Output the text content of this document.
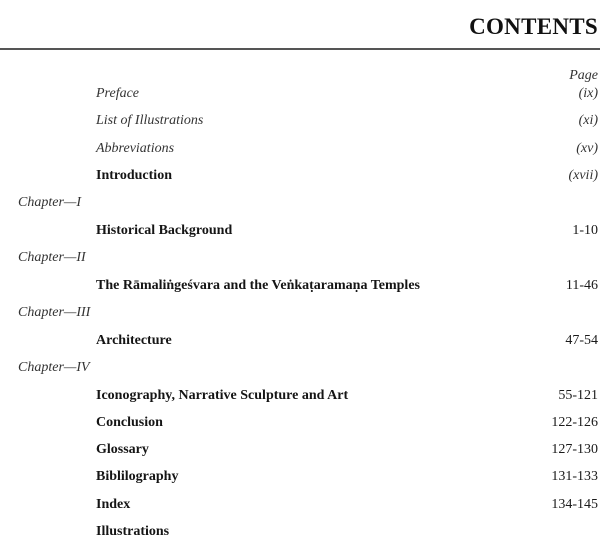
CONTENTS
Page
Preface	(ix)
List of Illustrations	(xi)
Abbreviations	(xv)
Introduction	(xvii)
Chapter—I
Historical Background	1-10
Chapter—II
The Rāmaliṅgeśvara and the Veṅkaṭaramaṇa Temples	11-46
Chapter—III
Architecture	47-54
Chapter—IV
Iconography, Narrative Sculpture and Art	55-121
Conclusion	122-126
Glossary	127-130
Biblilography	131-133
Index	134-145
Illustrations
